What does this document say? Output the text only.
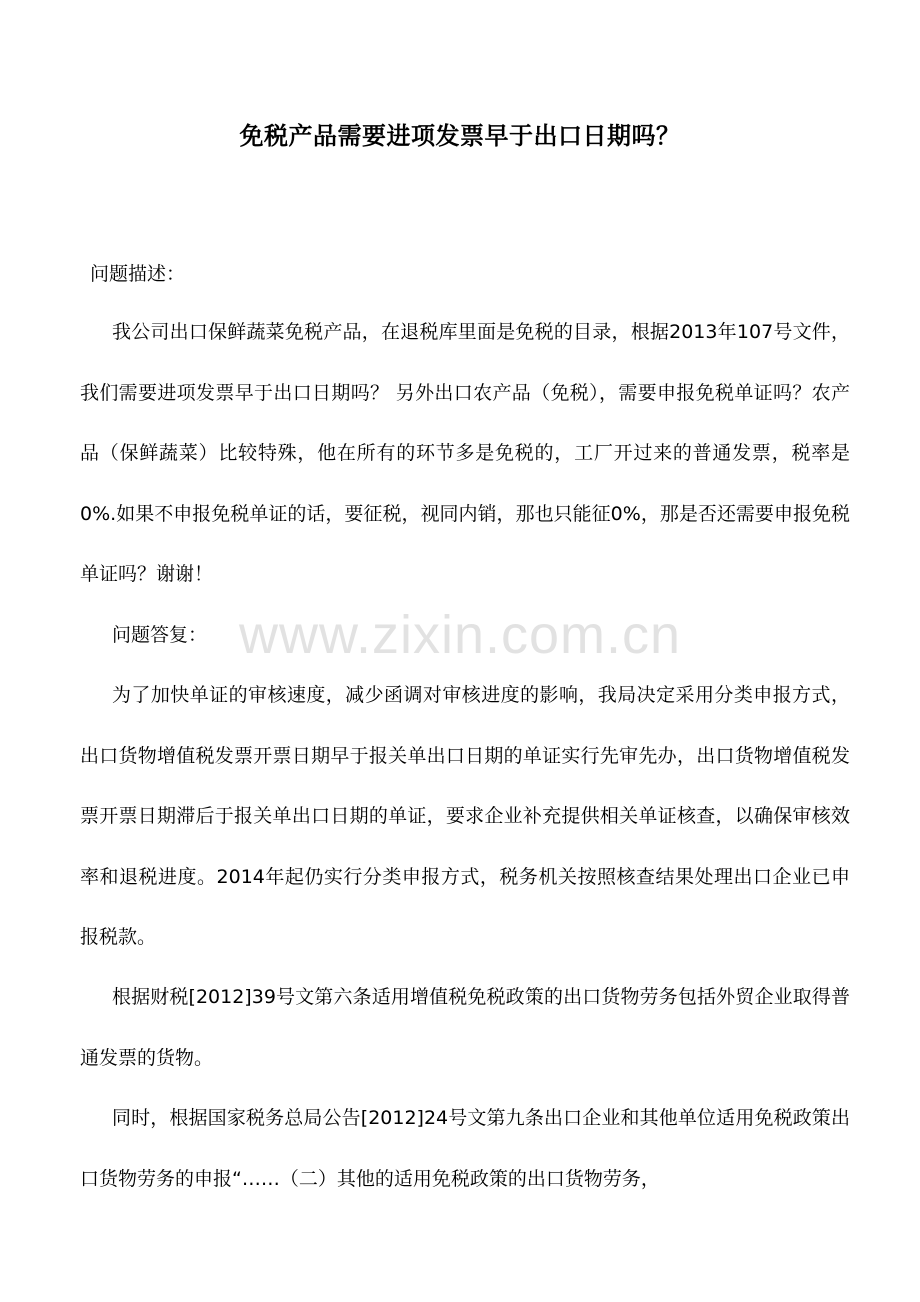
免税产品需要进项发票早于出口日期吗？
问题描述：
我公司出口保鲜蔬菜免税产品，在退税库里面是免税的目录，根据2013年107号文件，我们需要进项发票早于出口日期吗？ 另外出口农产品（免税），需要申报免税单证吗？农产品（保鲜蔬菜）比较特殊，他在所有的环节多是免税的，工厂开过来的普通发票，税率是0%.如果不申报免税单证的话，要征税，视同内销，那也只能征0%，那是否还需要申报免税单证吗？谢谢！
问题答复：
为了加快单证的审核速度，减少函调对审核进度的影响，我局决定采用分类申报方式，出口货物增值税发票开票日期早于报关单出口日期的单证实行先审先办，出口货物增值税发票开票日期滞后于报关单出口日期的单证，要求企业补充提供相关单证核查，以确保审核效率和退税进度。2014年起仍实行分类申报方式，税务机关按照核查结果处理出口企业已申报税款。
根据财税[2012]39号文第六条适用增值税免税政策的出口货物劳务包括外贸企业取得普通发票的货物。
同时，根据国家税务总局公告[2012]24号文第九条出口企业和其他单位适用免税政策出口货物劳务的申报“……（二）其他的适用免税政策的出口货物劳务，
www.zixin.com.cn
